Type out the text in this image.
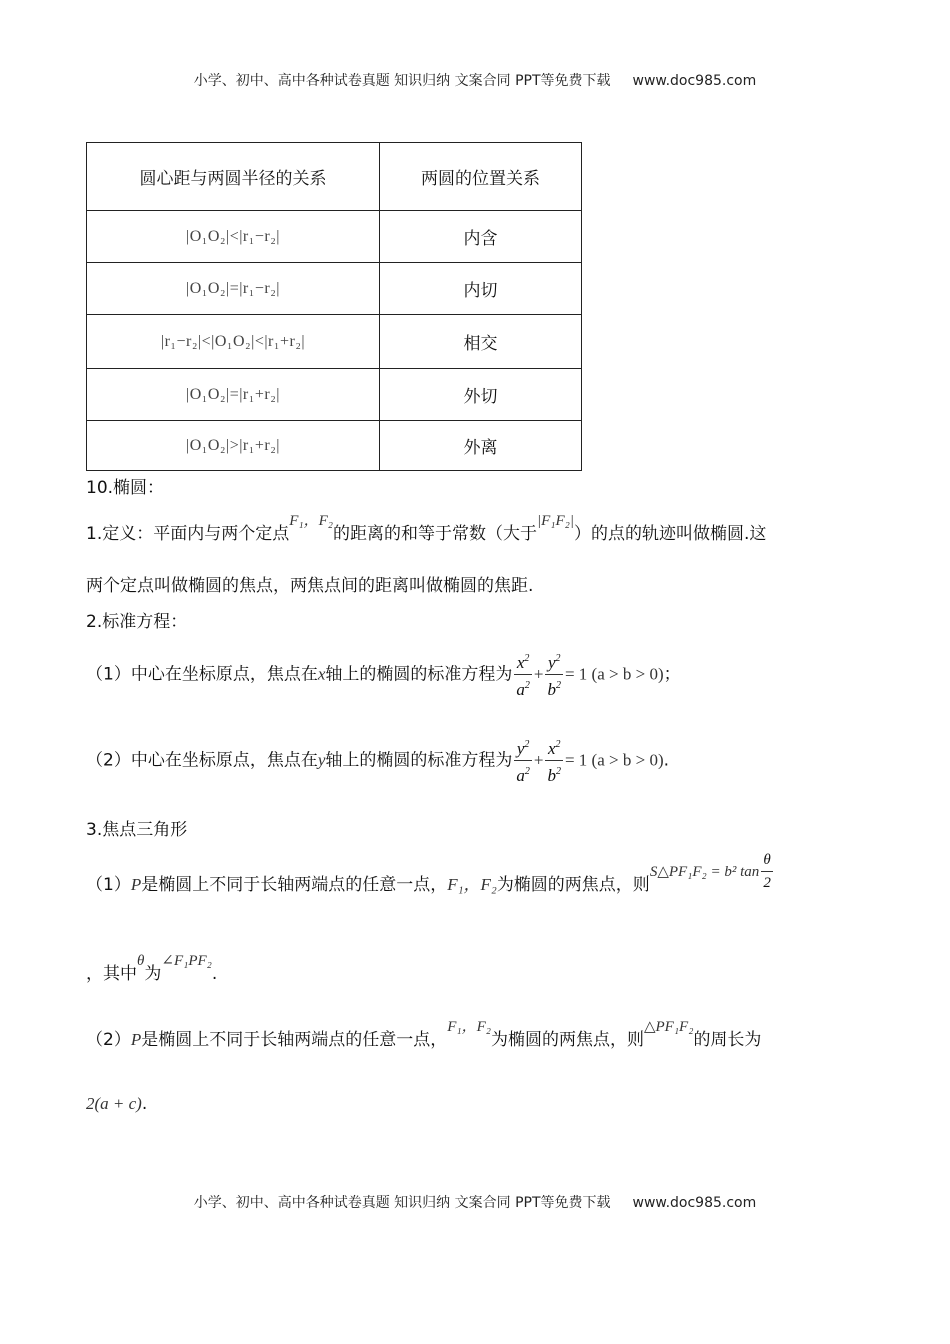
小学、初中、高中各种试卷真题 知识归纳 文案合同 PPT等免费下载 www.doc985.com
圆心距与两圆半径的关系	两圆的位置关系
|O₁O₂|<|r₁−r₂|	内含
|O₁O₂|=|r₁−r₂|	内切
|r₁−r₂|<|O₁O₂|<|r₁+r₂|	相交
|O₁O₂|=|r₁+r₂|	外切
|O₁O₂|>|r₁+r₂|	外离
10.椭圆：
1.定义：平面内与两个定点F₁，F₂的距离的和等于常数（大于|F₁F₂|）的点的轨迹叫做椭圆.这
两个定点叫做椭圆的焦点，两焦点间的距离叫做椭圆的焦距.
2.标准方程：
（1）中心在坐标原点，焦点在x轴上的椭圆的标准方程为 $\frac{x^2}{a^2} + \frac{y^2}{b^2} = 1$ (a > b > 0)；
（2）中心在坐标原点，焦点在y轴上的椭圆的标准方程为 $\frac{y^2}{a^2} + \frac{x^2}{b^2} = 1$ (a > b > 0).
3.焦点三角形
（1）P是椭圆上不同于长轴两端点的任意一点，F₁，F₂为椭圆的两焦点，则S△PF₁F₂ = b² $\tan \frac{\theta}{2}$
，其中θ为∠F₁PF₂.
（2）P是椭圆上不同于长轴两端点的任意一点，F₁，F₂为椭圆的两焦点，则△PF₁F₂的周长为
2(a + c).
小学、初中、高中各种试卷真题 知识归纳 文案合同 PPT等免费下载 www.doc985.com
